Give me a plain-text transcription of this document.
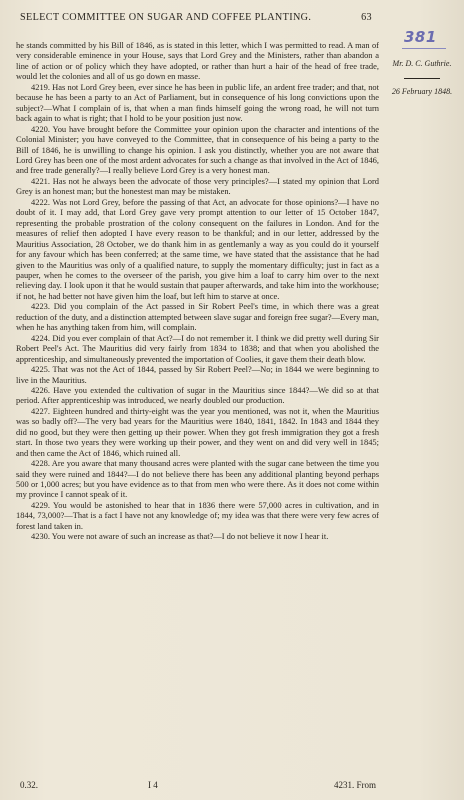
SELECT COMMITTEE ON SUGAR AND COFFEE PLANTING.	63
381
Mr. D. C. Guthrie.
26 February 1848.

he stands committed by his Bill of 1846, as is stated in this letter, which I was permitted to read. A man of very considerable eminence in your House, says that Lord Grey and the Ministers, rather than abandon a line of action or of policy which they have adopted, or rather than hurt a hair of the head of free trade, would let the colonies and all of us go down en masse.

4219. Has not Lord Grey been, ever since he has been in public life, an ardent free trader; and that, not because he has been a party to an Act of Parliament, but in consequence of his long convictions upon the subject?—What I complain of is, that when a man finds himself going the wrong road, he will not turn back again to what is right; that I hold to be your position just now.

4220. You have brought before the Committee your opinion upon the character and intentions of the Colonial Minister; you have conveyed to the Committee, that in consequence of his being a party to the Bill of 1846, he is unwilling to change his opinion. I ask you distinctly, whether you are not aware that Lord Grey has been one of the most ardent advocates for such a change as that involved in the Act of 1846, and free trade generally?—I really believe Lord Grey is a very honest man.

4221. Has not he always been the advocate of those very principles?—I stated my opinion that Lord Grey is an honest man; but the honestest man may be mistaken.

4222. Was not Lord Grey, before the passing of that Act, an advocate for those opinions?—I have no doubt of it. I may add, that Lord Grey gave very prompt attention to our letter of 15 October 1847, representing the probable prostration of the colony consequent on the failures in London. And for the measures of relief then adopted I have every reason to be thankful; and in our letter, addressed by the Mauritius Association, 28 October, we do thank him in as gentlemanly a way as you could do it yourself for any favour which has been conferred; at the same time, we have stated that the assistance that he had given to the Mauritius was only of a qualified nature, to supply the momentary difficulty; just in fact as a pauper, when he comes to the overseer of the parish, you give him a loaf to carry him over to the next relieving day. I look upon it that he would sustain that pauper afterwards, and take him into the workhouse; if not, he had better not have given him the loaf, but left him to starve at once.

4223. Did you complain of the Act passed in Sir Robert Peel's time, in which there was a great reduction of the duty, and a distinction attempted between slave sugar and foreign free sugar?—Every man, when he has anything taken from him, will complain.

4224. Did you ever complain of that Act?—I do not remember it. I think we did pretty well during Sir Robert Peel's Act. The Mauritius did very fairly from 1834 to 1838; and that when you abolished the apprenticeship, and simultaneously prevented the importation of Coolies, it gave them their death blow.

4225. That was not the Act of 1844, passed by Sir Robert Peel?—No; in 1844 we were beginning to live in the Mauritius.

4226. Have you extended the cultivation of sugar in the Mauritius since 1844?—We did so at that period. After apprenticeship was introduced, we nearly doubled our production.

4227. Eighteen hundred and thirty-eight was the year you mentioned, was not it, when the Mauritius was so badly off?—The very bad years for the Mauritius were 1840, 1841, 1842. In 1843 and 1844 they did no good, but they were then getting up their power. When they got fresh immigration they got a fresh start. In those two years they were working up their power, and they went on and did very well in 1845; and then came the Act of 1846, which ruined all.

4228. Are you aware that many thousand acres were planted with the sugar cane between the time you said they were ruined and 1844?—I do not believe there has been any additional planting beyond perhaps 500 or 1,000 acres; but you have evidence as to that from men who were there. As it does not come within my province I cannot speak of it.

4229. You would be astonished to hear that in 1836 there were 57,000 acres in cultivation, and in 1844, 73,000?—That is a fact I have not any knowledge of; my idea was that there were very few acres of forest land taken in.

4230. You were not aware of such an increase as that?—I do not believe it now I hear it.

0.32.	I 4	4231. From
